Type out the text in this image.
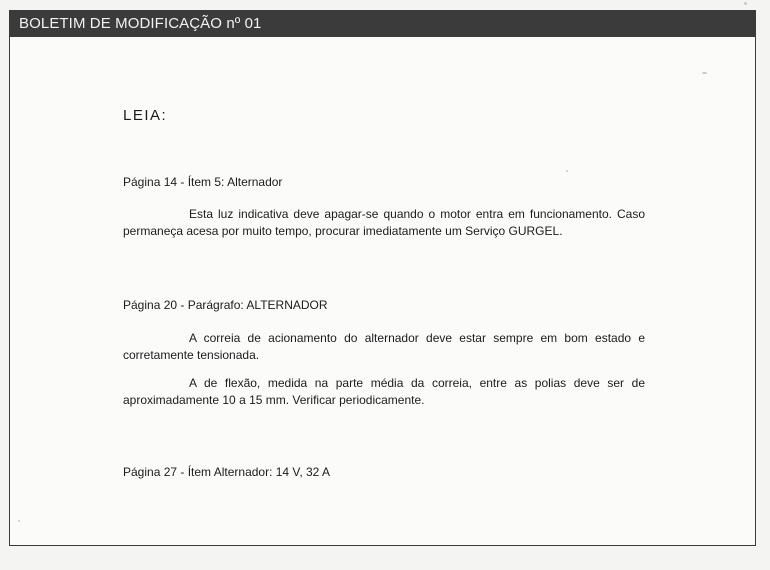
BOLETIM DE MODIFICAÇÃO nº 01
LEIA:
Página 14 - Ítem 5: Alternador
Esta luz indicativa deve apagar-se quando o motor entra em funcionamento. Caso permaneça acesa por muito tempo, procurar imediatamente um Serviço GURGEL.
Página 20 - Parágrafo: ALTERNADOR
A correia de acionamento do alternador deve estar sempre em bom estado e corretamente tensionada.
A de flexão, medida na parte média da correia, entre as polias deve ser de aproximadamente 10 a 15 mm. Verificar periodicamente.
Página 27 - Ítem Alternador: 14 V, 32 A
